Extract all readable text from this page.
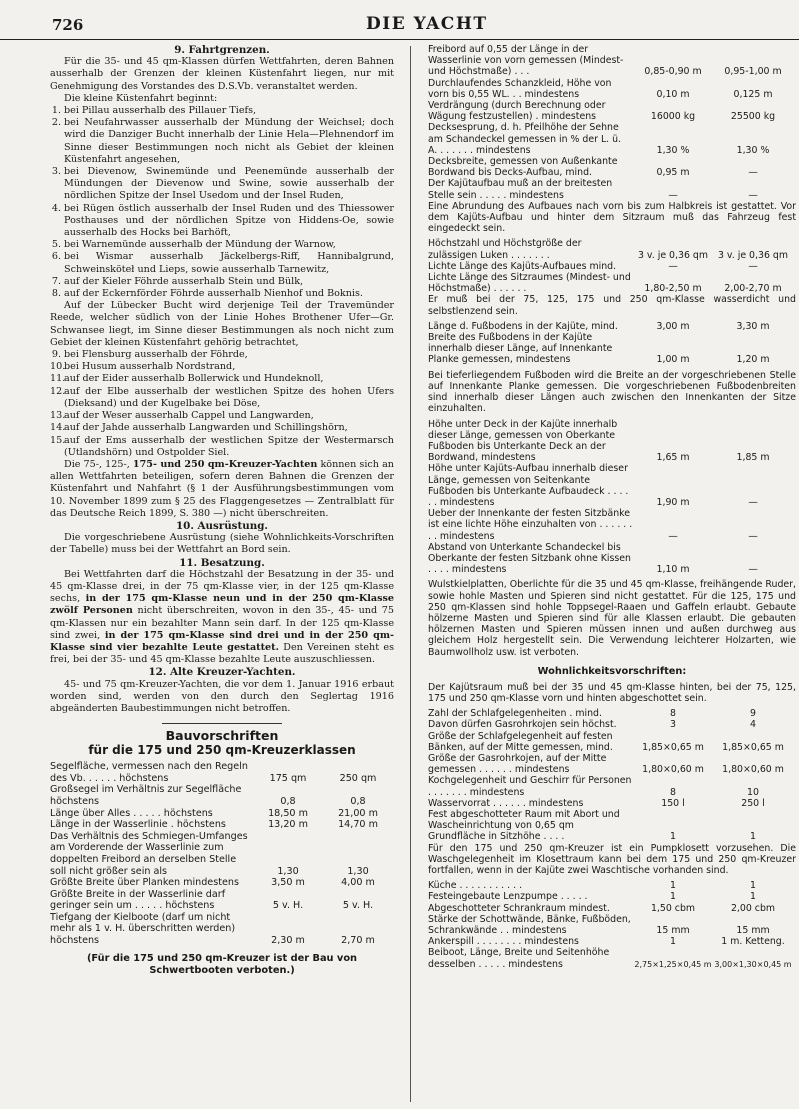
726	DIE YACHT
9. Fahrtgrenzen.

Für die 35- und 45 qm-Klassen dürfen Wettfahrten, deren Bahnen ausserhalb der Grenzen der kleinen Küstenfahrt liegen, nur mit Genehmigung des Vorstandes des D.S.Vb. veranstaltet werden.

Die kleine Küstenfahrt beginnt:

1. bei Pillau ausserhalb des Pillauer Tiefs,
2. bei Neufahrwasser ausserhalb der Mündung der Weichsel; doch wird die Danziger Bucht innerhalb der Linie Hela—Plehnendorf im Sinne dieser Bestimmungen noch nicht als Gebiet der kleinen Küstenfahrt angesehen,
3. bei Dievenow, Swinemünde und Peenemünde ausserhalb der Mündungen der Dievenow und Swine, sowie ausserhalb der nördlichen Spitze der Insel Usedom und der Insel Ruden,
4. bei Rügen östlich ausserhalb der Insel Ruden und des Thiessower Posthauses und der nördlichen Spitze von Hiddens-Oe, sowie ausserhalb des Hocks bei Barhöft,
5. bei Warnemünde ausserhalb der Mündung der Warnow,
6. bei Wismar ausserhalb Jäckelbergs-Riff, Hannibalgrund, Schweinsköteł und Lieps, sowie ausserhalb Tarnewitz,
7. auf der Kieler Föhrde ausserhalb Stein und Bülk,
8. auf der Eckernförder Föhrde ausserhalb Nienhof und Boknis.

Auf der Lübecker Bucht wird derjenige Teil der Travemünder Reede, welcher südlich von der Linie Hohes Brothener Ufer—Gr. Schwansee liegt, im Sinne dieser Bestimmungen als noch nicht zum Gebiet der kleinen Küstenfahrt gehörig betrachtet,

9. bei Flensburg ausserhalb der Föhrde,
10.
bei Husum ausserhalb Nordstrand,
11.
auf der Eider ausserhalb Bollerwick und Hundeknoll,
12.
auf der Elbe ausserhalb der westlichen Spitze des hohen Ufers (Dieksand) und der Kugelbake bei Döse,
13.
auf der Weser ausserhalb Cappel und Langwarden,
14.
auf der Jahde ausserhalb Langwarden und Schillingshörn,
15.
auf der Ems ausserhalb der westlichen Spitze der Westermarsch (Utlandshörn) und Ostpolder Siel.

Die 75-, 125-, 175- und 250 qm-Kreuzer-Yachten können sich an allen Wettfahrten beteiligen, sofern deren Bahnen die Grenzen der Küstenfahrt und Nahfahrt (§ 1 der Ausführungsbestimmungen vom 10. November 1899 zum § 25 des Flaggengesetzes — Zentralblatt für das Deutsche Reich 1899, S. 380 —) nicht überschreiten.

10. Ausrüstung.

Die vorgeschriebene Ausrüstung (siehe Wohnlichkeits-Vorschriften der Tabelle) muss bei der Wettfahrt an Bord sein.

11. Besatzung.

Bei Wettfahrten darf die Höchstzahl der Besatzung in der 35- und 45 qm-Klasse drei, in der 75 qm-Klasse vier, in der 125 qm-Klasse sechs, in der 175 qm-Klasse neun und in der 250 qm-Klasse zwölf Personen nicht überschreiten, wovon in den 35-, 45- und 75 qm-Klassen nur ein bezahlter Mann sein darf. In der 125 qm-Klasse sind zwei, in der 175 qm-Klasse sind drei und in der 250 qm-Klasse sind vier bezahlte Leute gestattet. Den Vereinen steht es frei, bei der 35- und 45 qm-Klasse bezahlte Leute auszuschliessen.

12. Alte Kreuzer-Yachten.

45- und 75 qm-Kreuzer-Yachten, die vor dem 1. Januar 1916 erbaut worden sind, werden von den durch den Seglertag 1916 abgeänderten Baubestimmungen nicht betroffen.

Bauvorschriften
für die 175 und 250 qm-Kreuzerklassen
Segelfläche, vermessen nach den Regeln des Vb. . . . . . höchstens	175 qm	250 qm
Großsegel im Verhältnis zur Segelfläche höchstens	0,8	0,8
Länge über Alles . . . . . höchstens	18,50 m	21,00 m
Länge in der Wasserlinie . höchstens	13,20 m	14,70 m
Das Verhältnis des Schmiegen-Umfanges am Vorderende der Wasserlinie zum doppelten Freibord an derselben Stelle soll nicht größer sein als	1,30	1,30
Größte Breite über Planken mindestens	3,50 m	4,00 m
Größte Breite in der Wasserlinie darf geringer sein um . . . . . höchstens	5 v. H.	5 v. H.
Tiefgang der Kielboote (darf um nicht mehr als 1 v. H. überschritten werden) höchstens	2,30 m	2,70 m
(Für die 175 und 250 qm-Kreuzer ist der Bau von Schwertbooten verboten.)
Freibord auf 0,55 der Länge in der Wasserlinie von vorn gemessen (Mindest- und Höchstmaße) . . .	0,85-0,90 m	0,95-1,00 m
Durchlaufendes Schanzkleid, Höhe von vorn bis 0,55 WL. . . mindestens	0,10 m	0,125 m
Verdrängung (durch Berechnung oder Wägung festzustellen) . mindestens	16000 kg	25500 kg
Decksesprung, d. h. Pfeilhöhe der Sehne am Schandeckel gemessen in % der L. ü. A. . . . . . . mindestens	1,30 %	1,30 %
Decksbreite, gemessen von Außenkante Bordwand bis Decks-Aufbau, mind.	0,95 m	—
Der Kajütaufbau muß an der breitesten Stelle sein . . . . . mindestens	—	—

Eine Abrundung des Aufbaues nach vorn bis zum Halbkreis ist gestattet. Vor dem Kajüts-Aufbau und hinter dem Sitzraum muß das Fahrzeug fest eingedeckt sein.

Höchstzahl und Höchstgröße der zulässigen Luken . . . . . . .	3 v. je 0,36 qm	3 v. je 0,36 qm
Lichte Länge des Kajüts-Aufbaues mind.	—	—
Lichte Länge des Sitzraumes (Mindest- und Höchstmaße) . . . . . .	1,80-2,50 m	2,00-2,70 m

Er muß bei der 75, 125, 175 und 250 qm-Klasse wasserdicht und selbstlenzend sein.

Länge d. Fußbodens in der Kajüte, mind.	3,00 m	3,30 m
Breite des Fußbodens in der Kajüte innerhalb dieser Länge, auf Innenkante Planke gemessen, mindestens	1,00 m	1,20 m

Bei tieferliegendem Fußboden wird die Breite an der vorgeschriebenen Stelle auf Innenkante Planke gemessen. Die vorgeschriebenen Fußbodenbreiten sind innerhalb dieser Längen auch zwischen den Innenkanten der Sitze einzuhalten.

Höhe unter Deck in der Kajüte innerhalb dieser Länge, gemessen von Oberkante Fußboden bis Unterkante Deck an der Bordwand, mindestens	1,65 m	1,85 m
Höhe unter Kajüts-Aufbau innerhalb dieser Länge, gemessen von Seitenkante Fußboden bis Unterkante Aufbaudeck . . . . . . mindestens	1,90 m	—
Ueber der Innenkante der festen Sitzbänke ist eine lichte Höhe einzuhalten von . . . . . . . . mindestens	—	—
Abstand von Unterkante Schandeckel bis Oberkante der festen Sitzbank ohne Kissen . . . . mindestens	1,10 m	—

Wulstkielplatten, Oberlichte für die 35 und 45 qm-Klasse, freihängende Ruder, sowie hohle Masten und Spieren sind nicht gestattet. Für die 125, 175 und 250 qm-Klassen sind hohle Toppsegel-Raaen und Gaffeln erlaubt. Gebaute hölzerne Masten und Spieren sind für alle Klassen erlaubt. Die gebauten hölzernen Masten und Spieren müssen innen und außen durchweg aus gleichem Holz hergestellt sein. Die Verwendung leichterer Holzarten, wie Baumwollholz usw. ist verboten.

Wohnlichkeitsvorschriften:

Der Kajütsraum muß bei der 35 und 45 qm-Klasse hinten, bei der 75, 125, 175 und 250 qm-Klasse vorn und hinten abgeschottet sein.

Zahl der Schlafgelegenheiten . mind.	8	9
Davon dürfen Gasrohrkojen sein höchst.	3	4
Größe der Schlafgelegenheit auf festen Bänken, auf der Mitte gemessen, mind.	1,85×0,65 m	1,85×0,65 m
Größe der Gasrohrkojen, auf der Mitte gemessen . . . . . . mindestens	1,80×0,60 m	1,80×0,60 m
Kochgelegenheit und Geschirr für Personen . . . . . . . mindestens	8	10
Wasservorrat . . . . . . mindestens	150 l	250 l
Fest abgeschotteter Raum mit Abort und Wascheinrichtung von 0,65 qm Grundfläche in Sitzhöhe . . . .	1	1

Für den 175 und 250 qm-Kreuzer ist ein Pumpklosett vorzusehen. Die Waschgelegenheit im Klosettraum kann bei dem 175 und 250 qm-Kreuzer fortfallen, wenn in der Kajüte zwei Waschtische vorhanden sind.

Küche . . . . . . . . . . .	1	1
Festeingebaute Lenzpumpe . . . . .	1	1
Abgeschotteter Schrankraum mindest.	1,50 cbm	2,00 cbm
Stärke der Schottwände, Bänke, Fußböden, Schrankwände . . mindestens	15 mm	15 mm
Ankerspill . . . . . . . . mindestens	1	1 m. Ketteng.
Beiboot, Länge, Breite und Seitenhöhe desselben . . . . . mindestens	2,75×1,25×0,45 m 3,00×1,30×0,45 m
